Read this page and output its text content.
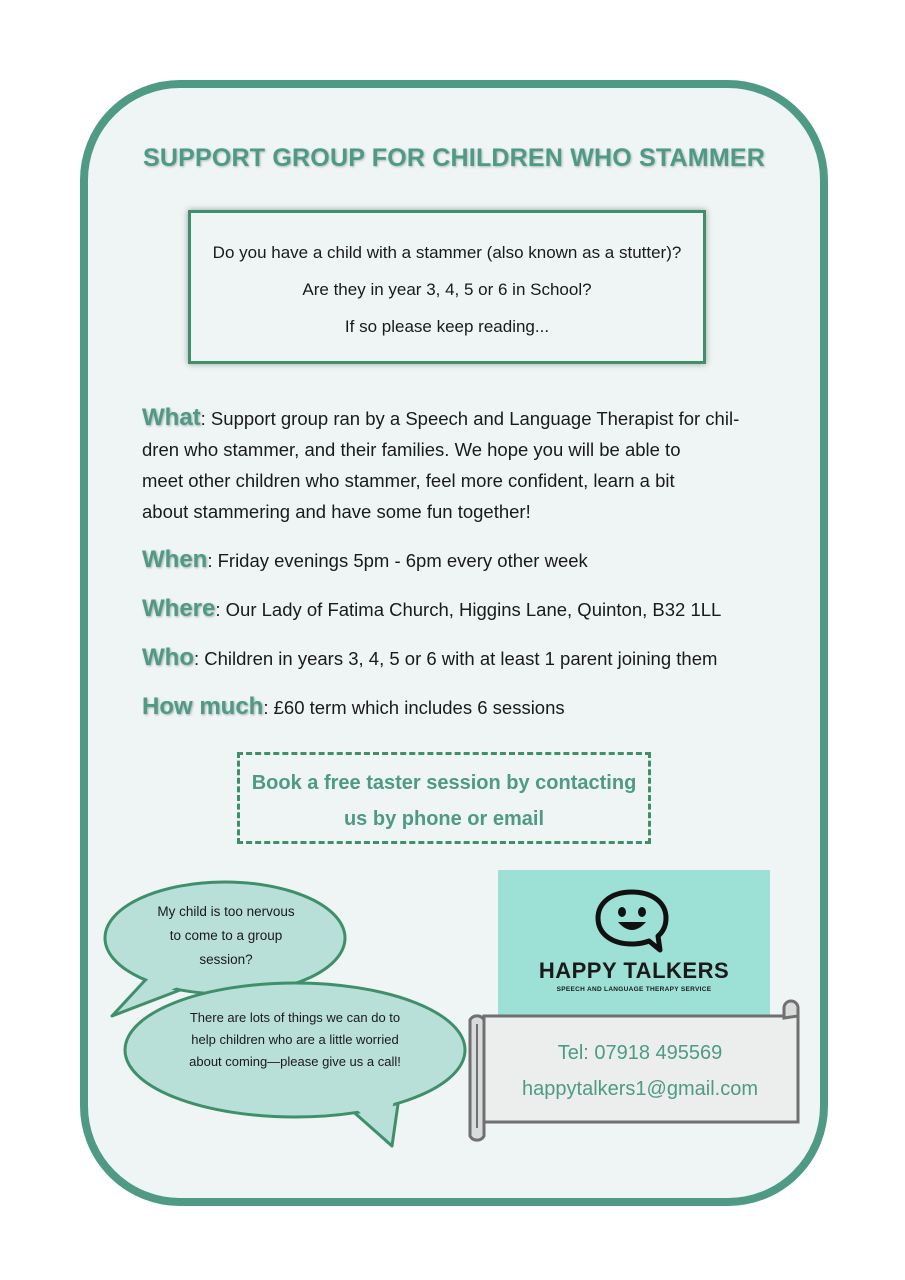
SUPPORT GROUP FOR CHILDREN WHO STAMMER

Do you have a child with a stammer (also known as a stutter)?

Are they in year 3, 4, 5 or 6 in School?

If so please keep reading...

What: Support group ran by a Speech and Language Therapist for chil-
dren who stammer, and their families. We hope you will be able to
meet other children who stammer, feel more confident, learn a bit
about stammering and have some fun together!
When: Friday evenings 5pm - 6pm every other week
Where: Our Lady of Fatima Church, Higgins Lane, Quinton, B32 1LL
Who: Children in years 3, 4, 5 or 6 with at least 1 parent joining them
How much: £60 term which includes 6 sessions
Book a free taster session by contacting
us by phone or email
My child is too nervous
to come to a group
session?
There are lots of things we can do to
help children who are a little worried
about coming—please give us a call!
HAPPY TALKERS
SPEECH AND LANGUAGE THERAPY SERVICE
Tel: 07918 495569
happytalkers1@gmail.com
